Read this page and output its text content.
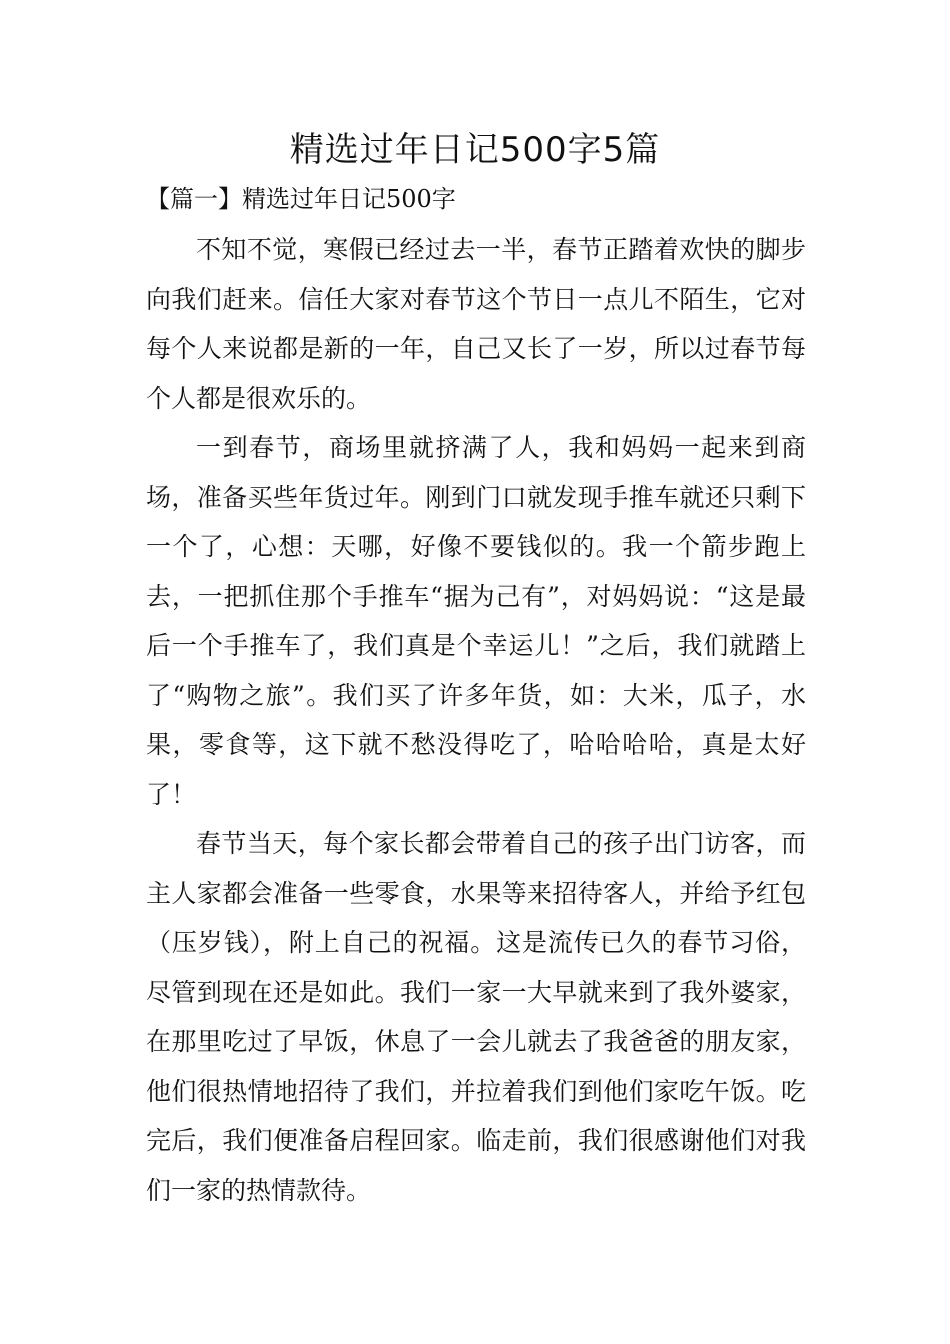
精选过年日记500字5篇
【篇一】精选过年日记500字

不知不觉，寒假已经过去一半，春节正踏着欢快的脚步向我们赶来。信任大家对春节这个节日一点儿不陌生，它对每个人来说都是新的一年，自己又长了一岁，所以过春节每个人都是很欢乐的。

一到春节，商场里就挤满了人，我和妈妈一起来到商场，准备买些年货过年。刚到门口就发现手推车就还只剩下一个了，心想：天哪，好像不要钱似的。我一个箭步跑上去，一把抓住那个手推车“据为己有”，对妈妈说：“这是最后一个手推车了，我们真是个幸运儿！”之后，我们就踏上了“购物之旅”。我们买了许多年货，如：大米，瓜子，水果，零食等，这下就不愁没得吃了，哈哈哈哈，真是太好了！

春节当天，每个家长都会带着自己的孩子出门访客，而主人家都会准备一些零食，水果等来招待客人，并给予红包（压岁钱），附上自己的祝福。这是流传已久的春节习俗，尽管到现在还是如此。我们一家一大早就来到了我外婆家，在那里吃过了早饭，休息了一会儿就去了我爸爸的朋友家，他们很热情地招待了我们，并拉着我们到他们家吃午饭。吃完后，我们便准备启程回家。临走前，我们很感谢他们对我们一家的热情款待。
